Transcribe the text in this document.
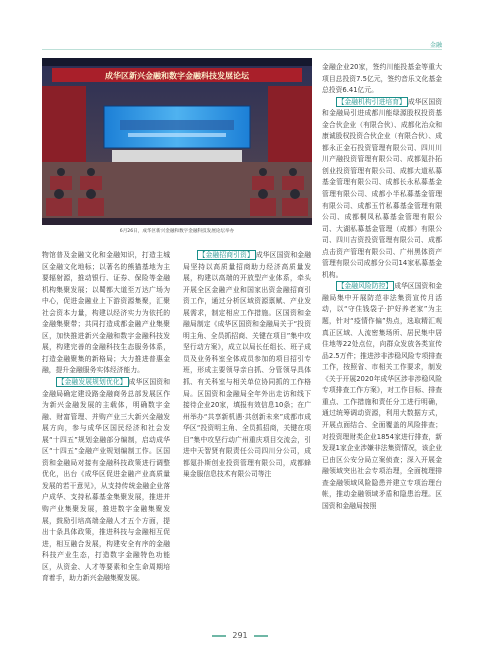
金融
成华区新兴金融和数字金融科技发展论坛
6月26日，成华区新兴金融和数字金融科技发展论坛举办

物馆普及金融文化和金融知识，打造主城区金融文化地标；以著名的熊猫基地为主要辐射源，推动银行、证券、保险等金融机构集聚发展；以蜀都大道至万达广场为中心，促进金融业上下游资源集聚，汇聚社会资本力量，构建以经济实力为依托的金融集聚带；共同打造成都金融产业集聚区，加快推进新兴金融和数字金融科技发展，构建完善的金融科技生态服务体系，打造金融聚集的新格局；大力推进普惠金融，提升金融服务实体经济能力。

【金融发展规划优化】 成华区国资和金融局确定建设路金融商务总部发展区作为新兴金融发展的主载体，明确数字金融、财富管理、并购产业三大新兴金融发展方向，参与成华区国民经济和社会发展“十四五”规划金融部分编制，启动成华区“十四五”金融产业规划编制工作。区国资和金融局对接有金融科技政策进行调整优化，出台《成华区促进金融产业高质量发展的若干意见》，从支持传统金融企业落户成华、支持私募基金集聚发展，推进并购产业集聚发展，推进数字金融集聚发展，鼓励引培高端金融人才五个方面，提出十条具体政策，推进科技与金融相互促进，相互融合发展，构建安全有序的金融科技产业生态，打造数字金融特色功能区，从资金、人才等要素和全生命周期培育着手，助力新兴金融集聚发展。

【金融招商引资】 成华区国资和金融局坚持以高质量招商助力经济高质量发展，构建以高端的开放型产业体系，牵头开展全区金融产业和国家出资金融招商引资工作，通过分析区域资源禀赋、产业发展需求，制定相应工作措施。区国资和金融局制定《成华区国资和金融局关于“投资明主角、全员抓招商、关键在项目”集中攻坚行动方案》，成立以局长任组长、班子成员及业务科室全体成员参加的项目招引专班，形成主要领导亲自抓、分管领导具体抓、有关科室与相关单位协同抓的工作格局。区国资和金融局全年外出走访和线下接待企业20家，填报有效信息10条；在广州举办“共享新机遇·共创新未来”成都市成华区“投资明主角、全员抓招商，关键在项目”集中攻坚行动广州重庆项目交流会，引进中天智贤有限责任公司四川分公司，成都氪扑斯创业投资管理有限公司，成都蜂巢金服信息技术有限公司等注

金融企业20家，签约川能投基金等重大项目总投资7.5亿元，签约音乐文化基金总投资6.41亿元。

【金融机构引进培育】 成华区国资和金融局引进成都川能绿源股权投资基金合伙企业（有限合伙）、成都化治众和康诚股权投资合伙企业（有限合伙）、成都永正金石投资管理有限公司、四川川川产融投资管理有限公司、成都氪扑拓创业投资管理有限公司、成都大道私募基金管理有限公司、成都长永私募基金管理有限公司、成都小半私募基金管理有限公司、成都玉竹私募基金管理有限公司、成都桐凤私募基金管理有限公司、大湖私募基金管理（成都）有限公司、四川吉资投资管理有限公司、成都点击资产管理有限公司、广州黑体资产管理有限公司成都分公司14家私募基金机构。

【金融风险防控】 成华区国资和金融局集中开展防范非法集资宣传月活动，以“守住钱袋子·护好养老家”为主题，针对“疫情作偏”热点，选取精汇观真正区域、人流密集场所、居民集中居住地等22处点位，向群众发放各类宣传品2.5万件；推进涉非涉稳风险专项排查工作，按照省、市相关工作要求，制发《关于开展2020年成华区涉非涉稳风险专项排查工作方案》，对工作目标、排查重点、工作措施和责任分工进行明确，通过统筹调动资源，利用大数据方式，开展点面结合、全面覆盖的风险排查；对投资理财类企业1854家进行排查，新发现1家企业涉嫌非法集资情况，该企业已由区公安分局立案侦查；深入开展金融领域突出社会专项治理，全面梳理排查金融领域风险隐患并建立专项治理台帐，推动金融领域矛盾和隐患治理。区国资和金融局按照

291
